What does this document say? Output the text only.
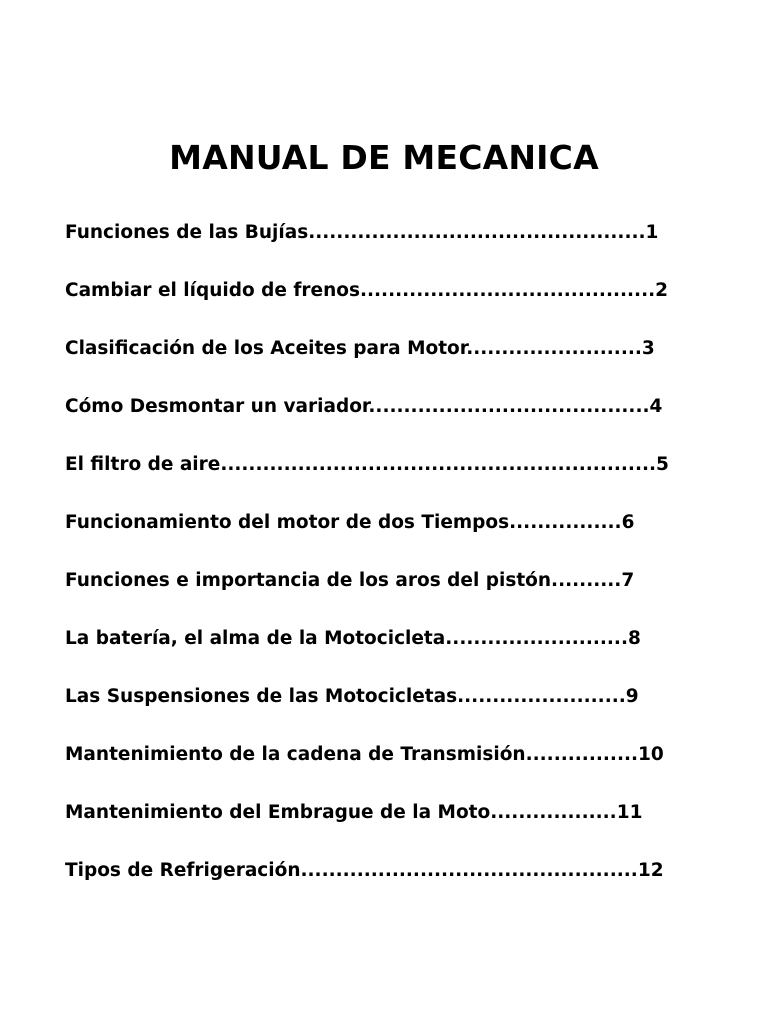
MANUAL DE MECANICA
Funciones de las Bujías................................................1
Cambiar el líquido de frenos..........................................2
Clasificación de los Aceites para Motor.........................3
Cómo Desmontar un variador........................................4
El filtro de aire..............................................................5
Funcionamiento del motor de dos Tiempos................6
Funciones e importancia de los aros del pistón..........7
La batería, el alma de la Motocicleta..........................8
Las Suspensiones de las Motocicletas........................9
Mantenimiento de la cadena de Transmisión................10
Mantenimiento del Embrague de la Moto..................11
Tipos de Refrigeración................................................12
